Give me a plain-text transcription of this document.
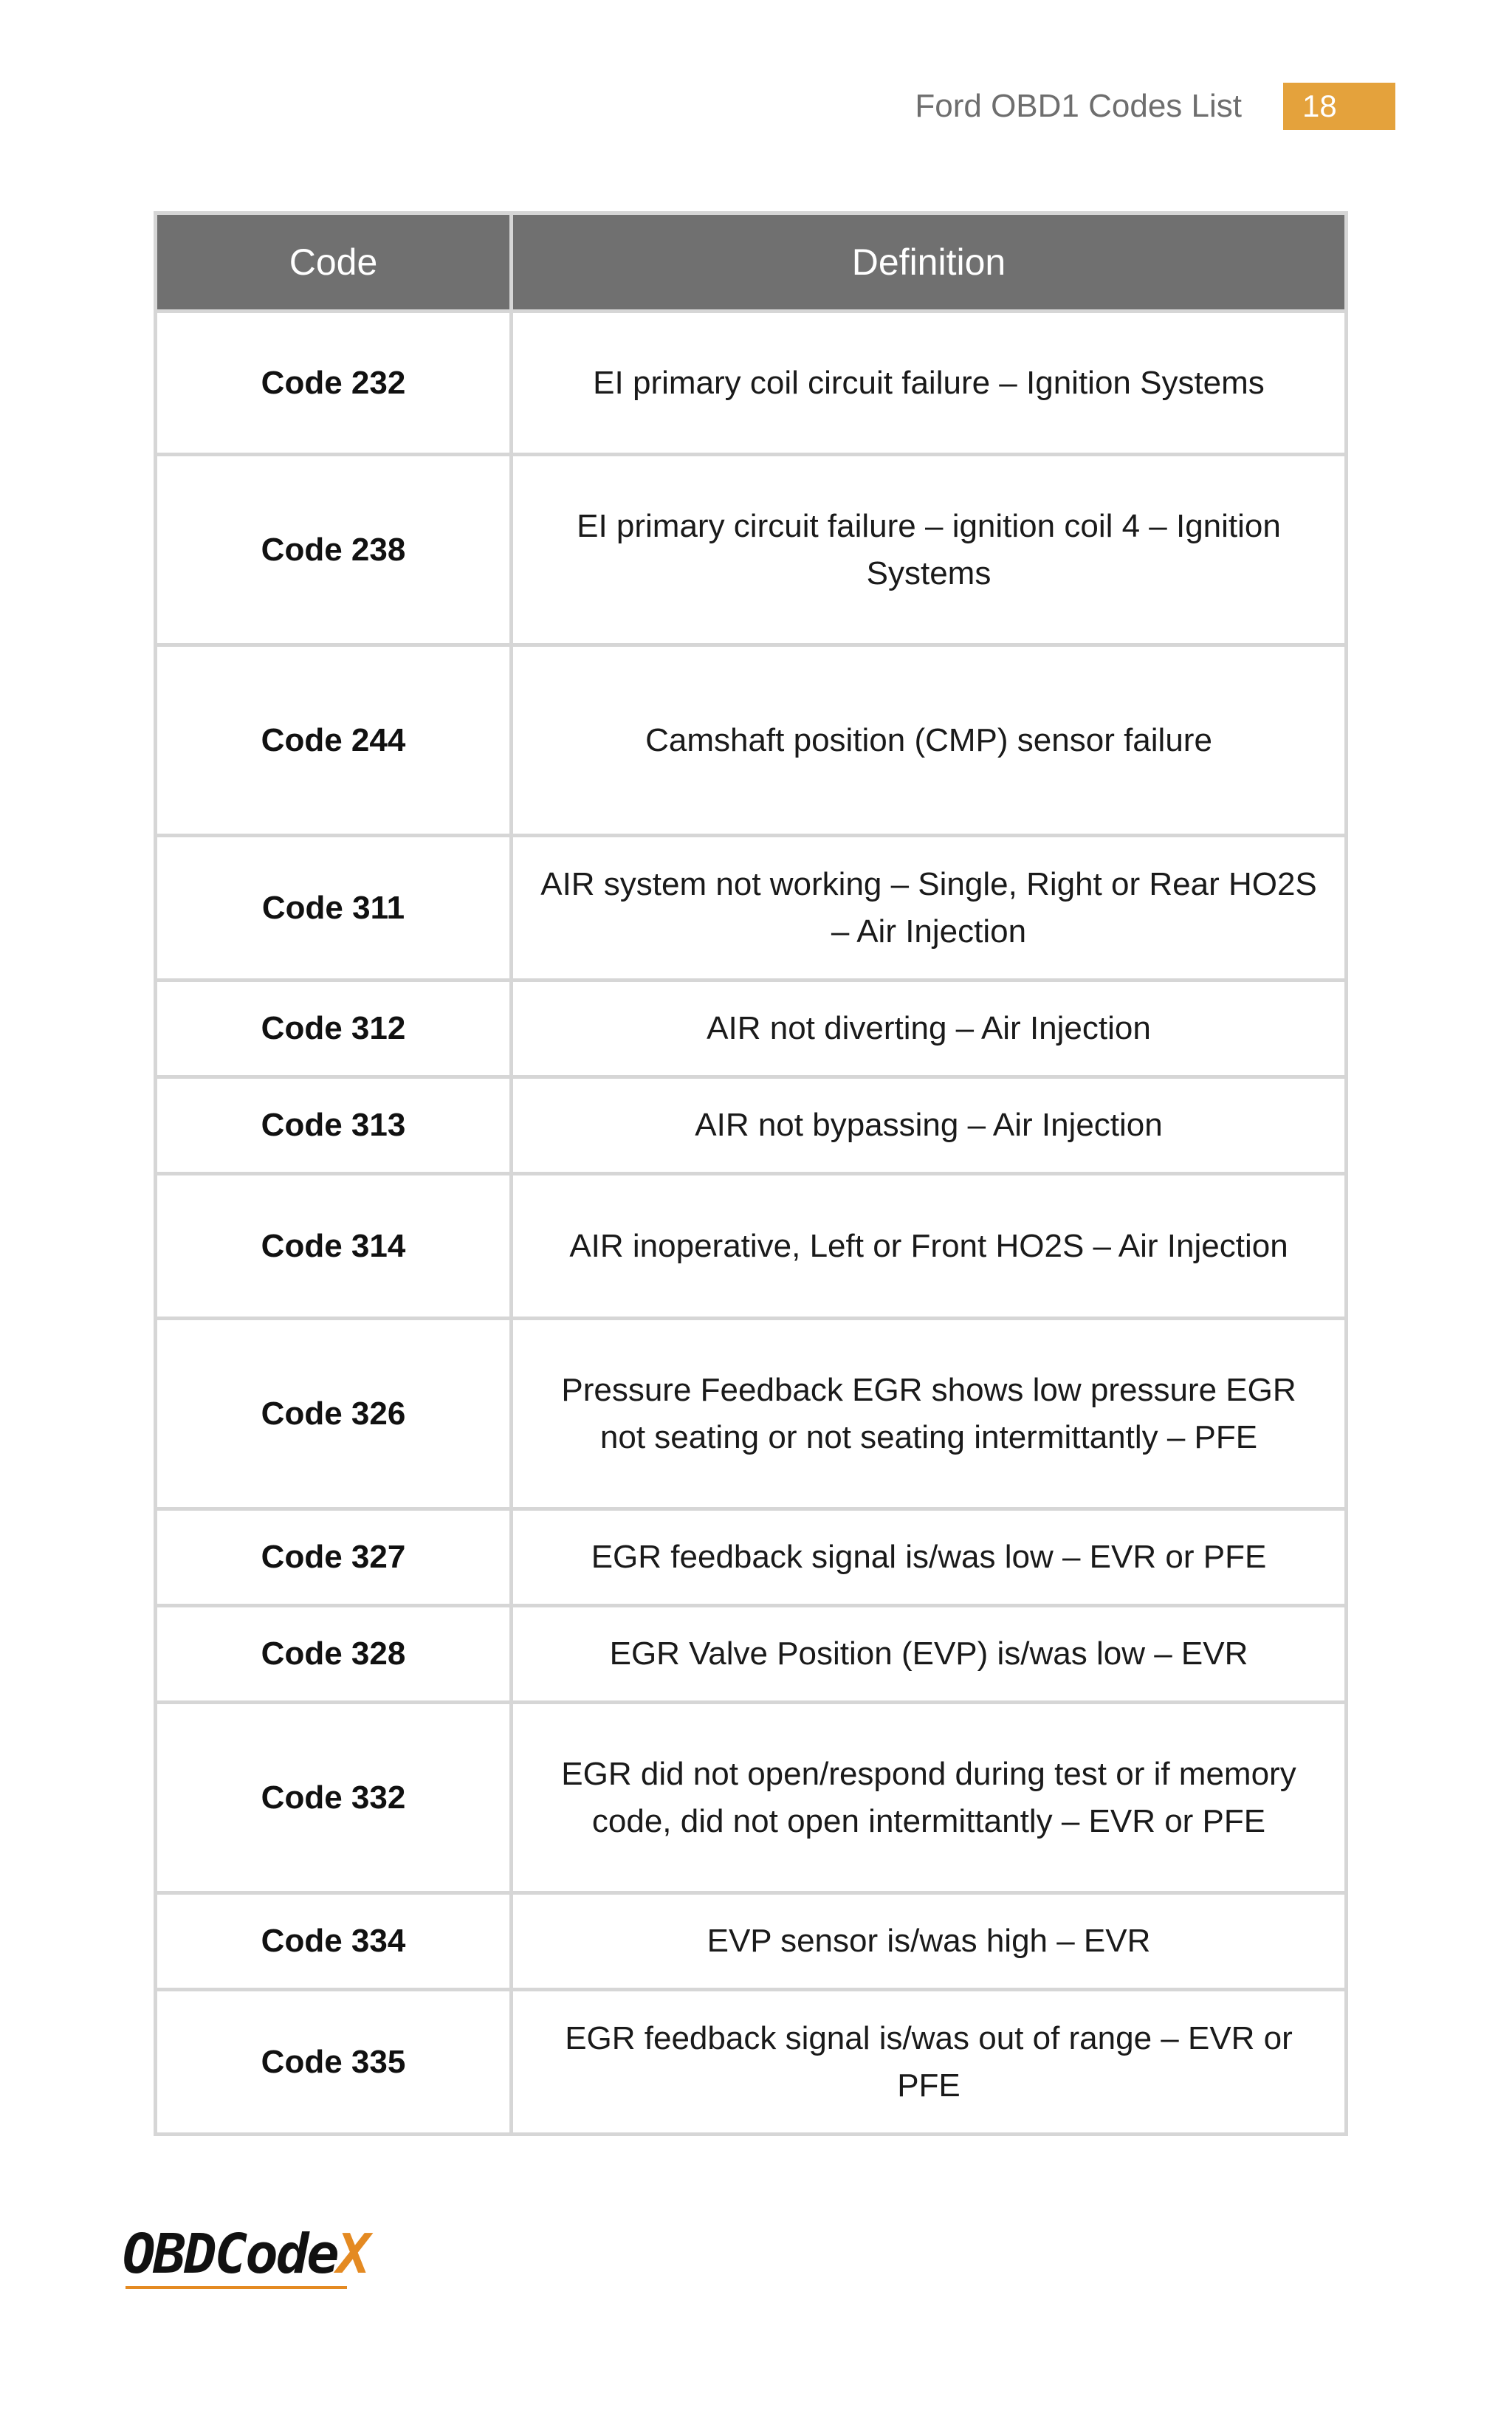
Ford OBD1 Codes List	18
Code	Definition
Code 232	EI primary coil circuit failure – Ignition Systems
Code 238	EI primary circuit failure – ignition coil 4 – Ignition Systems
Code 244	Camshaft position (CMP) sensor failure
Code 311	AIR system not working – Single, Right or Rear HO2S – Air Injection
Code 312	AIR not diverting – Air Injection
Code 313	AIR not bypassing – Air Injection
Code 314	AIR inoperative, Left or Front HO2S – Air Injection
Code 326	Pressure Feedback EGR shows low pressure EGR not seating or not seating intermittantly – PFE
Code 327	EGR feedback signal is/was low – EVR or PFE
Code 328	EGR Valve Position (EVP) is/was low – EVR
Code 332	EGR did not open/respond during test or if memory code, did not open intermittantly – EVR or PFE
Code 334	EVP sensor is/was high – EVR
Code 335	EGR feedback signal is/was out of range – EVR or PFE
OBDCodeX
